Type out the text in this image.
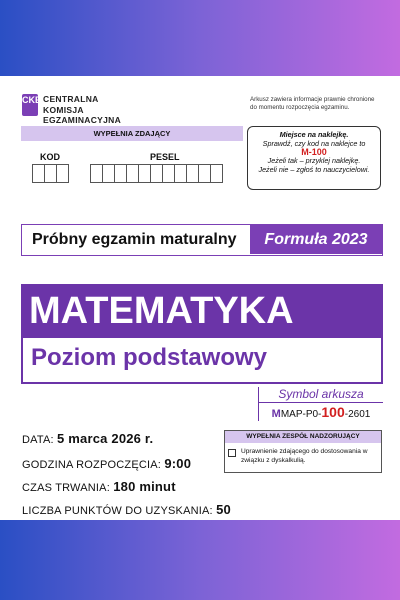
CKE CENTRALNA
KOMISJA
EGZAMINACYJNA
Arkusz zawiera informacje prawnie chronione do momentu rozpoczęcia egzaminu.
WYPEŁNIA ZDAJĄCY
KOD	PESEL
Miejsce na naklejkę.
Sprawdź, czy kod na naklejce to
M-100
Jeżeli tak – przyklej naklejkę.
Jeżeli nie – zgłoś to nauczycielowi.
Próbny egzamin maturalny	Formuła 2023
MATEMATYKA
Poziom podstawowy
Symbol arkusza
MMAP-P0-100-2601
DATA: 5 marca 2026 r.
GODZINA ROZPOCZĘCIA: 9:00
CZAS TRWANIA: 180 minut
LICZBA PUNKTÓW DO UZYSKANIA: 50
WYPEŁNIA ZESPÓŁ NADZORUJĄCY
Uprawnienie zdającego do dostosowania w związku z dyskalkulią.
